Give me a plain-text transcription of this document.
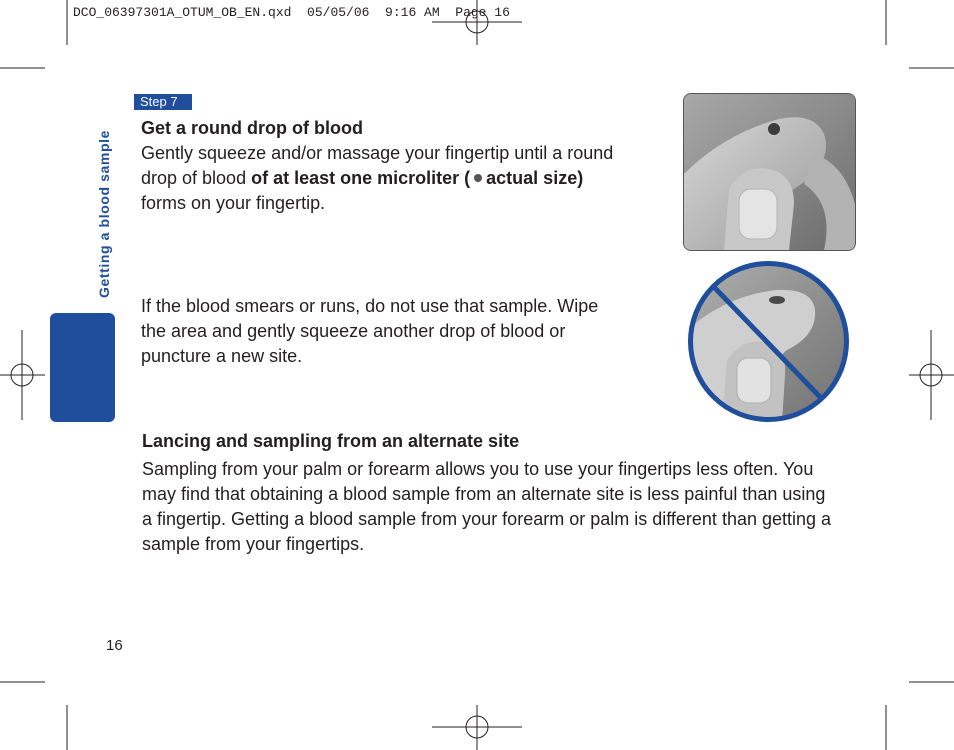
DCO_06397301A_OTUM_OB_EN.qxd  05/05/06  9:16 AM  Page 16
Getting a blood sample
Step 7
Get a round drop of blood
Gently squeeze and/or massage your fingertip until a round drop of blood of at least one microliter ( actual size) forms on your fingertip.
If the blood smears or runs, do not use that sample. Wipe the area and gently squeeze another drop of blood or puncture a new site.
Lancing and sampling from an alternate site
Sampling from your palm or forearm allows you to use your fingertips less often. You may find that obtaining a blood sample from an alternate site is less painful than using a fingertip. Getting a blood sample from your forearm or palm is different than getting a sample from your fingertips.
16
